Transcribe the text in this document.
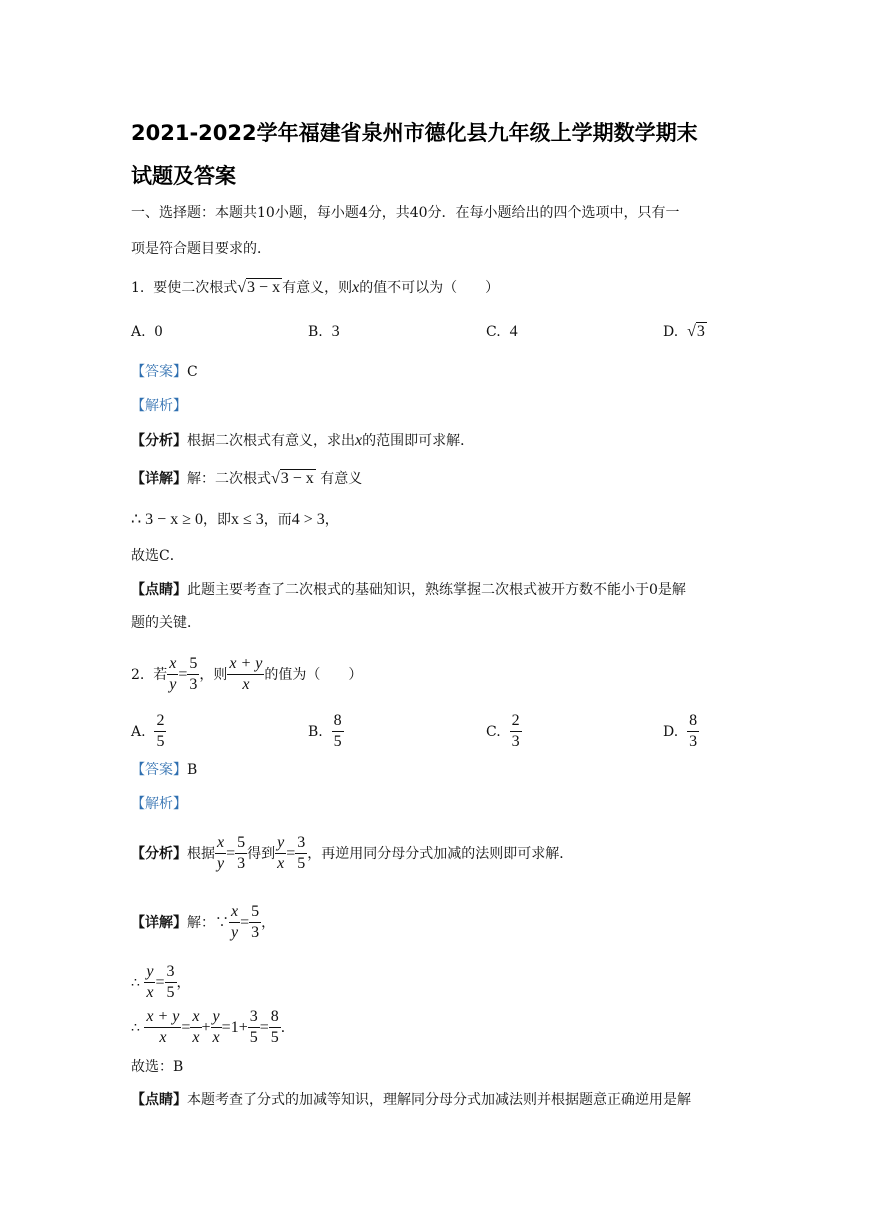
2021-2022学年福建省泉州市德化县九年级上学期数学期末
试题及答案
一、选择题：本题共10小题，每小题4分，共40分．在每小题给出的四个选项中，只有一
项是符合题目要求的．
1.
要使二次根式 √3 − x 有意义，则 x 的值不可以为（　　）
A. 0	B. 3	C. 4	D. √3
【答案】C
【解析】
【分析】根据二次根式有意义，求出x的范围即可求解．
【详解】 解：二次根式 √3 − x
有意义
∴ 3 − x ≥ 0，即x ≤ 3，而4 > 3，
故选C．
【点睛】此题主要考查了二次根式的基础知识，熟练掌握二次根式被开方数不能小于0是解
题的关键．
2.
若 $\frac{x}{y} = \frac{5}{3}$ ，则 $\frac{x + y}{x}$ 的值为（　　）
A.
$\frac{2}{5}$	B.
$\frac{8}{5}$	C.
$\frac{2}{3}$	D.
$\frac{8}{3}$
【答案】B
【解析】
【分析】 根据 $\frac{x}{y} = \frac{5}{3}$ 得到 $\frac{y}{x} = \frac{3}{5}$ ，再逆用同分母分式加减的法则即可求解．
【详解】 解：∵ $\frac{x}{y} = \frac{5}{3}$ ，
∴
$\frac{y}{x} = \frac{3}{5}$ ，
∴
$\frac{x + y}{x} = \frac{x}{x} + \frac{y}{x} = 1 + \frac{3}{5} = \frac{8}{5}$ ．
故选：B
【点睛】本题考查了分式的加减等知识，理解同分母分式加减法则并根据题意正确逆用是解
